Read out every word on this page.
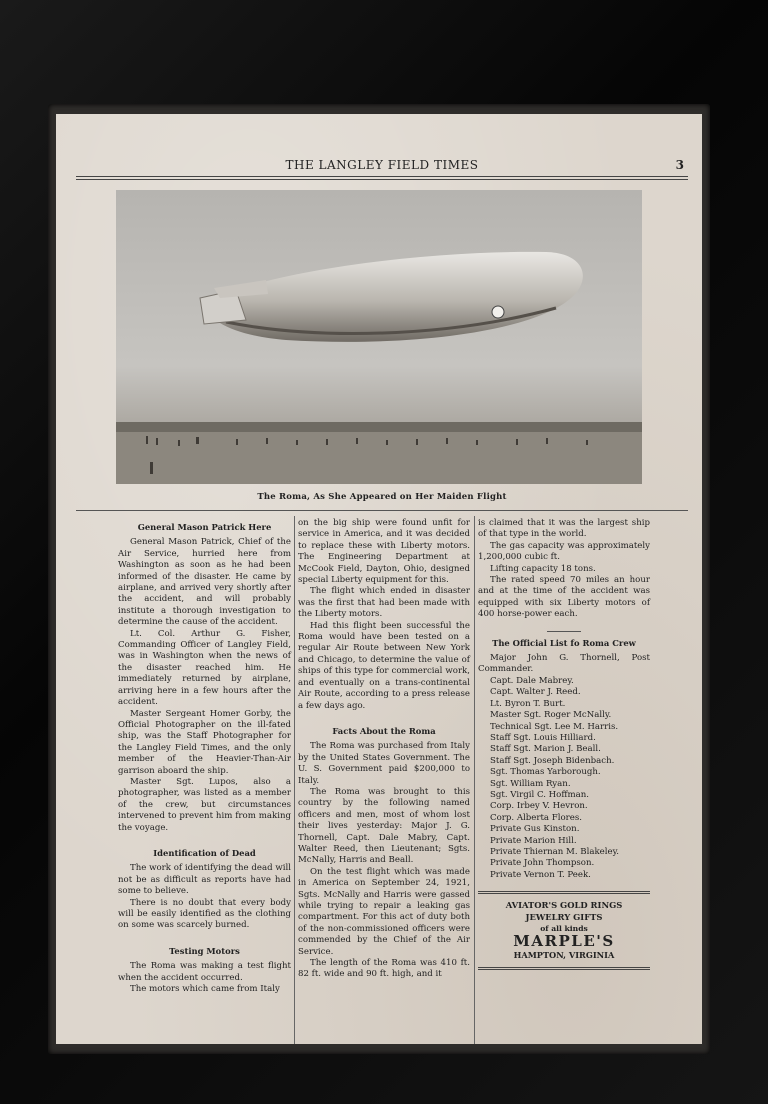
THE LANGLEY FIELD TIMES	3
The Roma, As She Appeared on Her Maiden Flight
General Mason Patrick Here

General Mason Patrick, Chief of the Air Service, hurried here from Washington as soon as he had been informed of the disaster. He came by airplane, and arrived very shortly after the accident, and will probably institute a thorough investigation to determine the cause of the accident.

Lt. Col. Arthur G. Fisher, Commanding Officer of Langley Field, was in Washington when the news of the disaster reached him. He immediately returned by airplane, arriving here in a few hours after the accident.

Master Sergeant Homer Gorby, the Official Photographer on the ill-fated ship, was the Staff Photographer for the Langley Field Times, and the only member of the Heavier-Than-Air garrison aboard the ship.

Master Sgt. Lupos, also a photographer, was listed as a member of the crew, but circumstances intervened to prevent him from making the voyage.

Identification of Dead

The work of identifying the dead will not be as difficult as reports have had some to believe.

There is no doubt that every body will be easily identified as the clothing on some was scarcely burned.

Testing Motors

The Roma was making a test flight when the accident occurred.

The motors which came from Italy

on the big ship were found unfit for service in America, and it was decided to replace these with Liberty motors. The Engineering Department at McCook Field, Dayton, Ohio, designed special Liberty equipment for this.

The flight which ended in disaster was the first that had been made with the Liberty motors.

Had this flight been successful the Roma would have been tested on a regular Air Route between New York and Chicago, to determine the value of ships of this type for commercial work, and eventually on a trans-continental Air Route, according to a press release a few days ago.

Facts About the Roma

The Roma was purchased from Italy by the United States Government. The U. S. Government paid $200,000 to Italy.

The Roma was brought to this country by the following named officers and men, most of whom lost their lives yesterday: Major J. G. Thornell, Capt. Dale Mabry, Capt. Walter Reed, then Lieutenant; Sgts. McNally, Harris and Beall.

On the test flight which was made in America on September 24, 1921, Sgts. McNally and Harris were gassed while trying to repair a leaking gas compartment. For this act of duty both of the non-commissioned officers were commended by the Chief of the Air Service.

The length of the Roma was 410 ft. 82 ft. wide and 90 ft. high, and it

is claimed that it was the largest ship of that type in the world.

The gas capacity was approximately 1,200,000 cubic ft.

Lifting capacity 18 tons.

The rated speed 70 miles an hour and at the time of the accident was equipped with six Liberty motors of 400 horse-power each.

The Official List fo Roma Crew

Major John G. Thornell, Post Commander.

Capt. Dale Mabrey.
Capt. Walter J. Reed.
Lt. Byron T. Burt.
Master Sgt. Roger McNally.
Technical Sgt. Lee M. Harris.
Staff Sgt. Louis Hilliard.
Staff Sgt. Marion J. Beall.
Staff Sgt. Joseph Bidenbach.
Sgt. Thomas Yarborough.
Sgt. William Ryan.
Sgt. Virgil C. Hoffman.
Corp. Irbey V. Hevron.
Corp. Alberta Flores.
Private Gus Kinston.
Private Marion Hill.
Private Thiernan M. Blakeley.
Private John Thompson.
Private Vernon T. Peek.
AVIATOR'S GOLD RINGS
JEWELRY GIFTS
of all kinds
MARPLE'S
HAMPTON, VIRGINIA
